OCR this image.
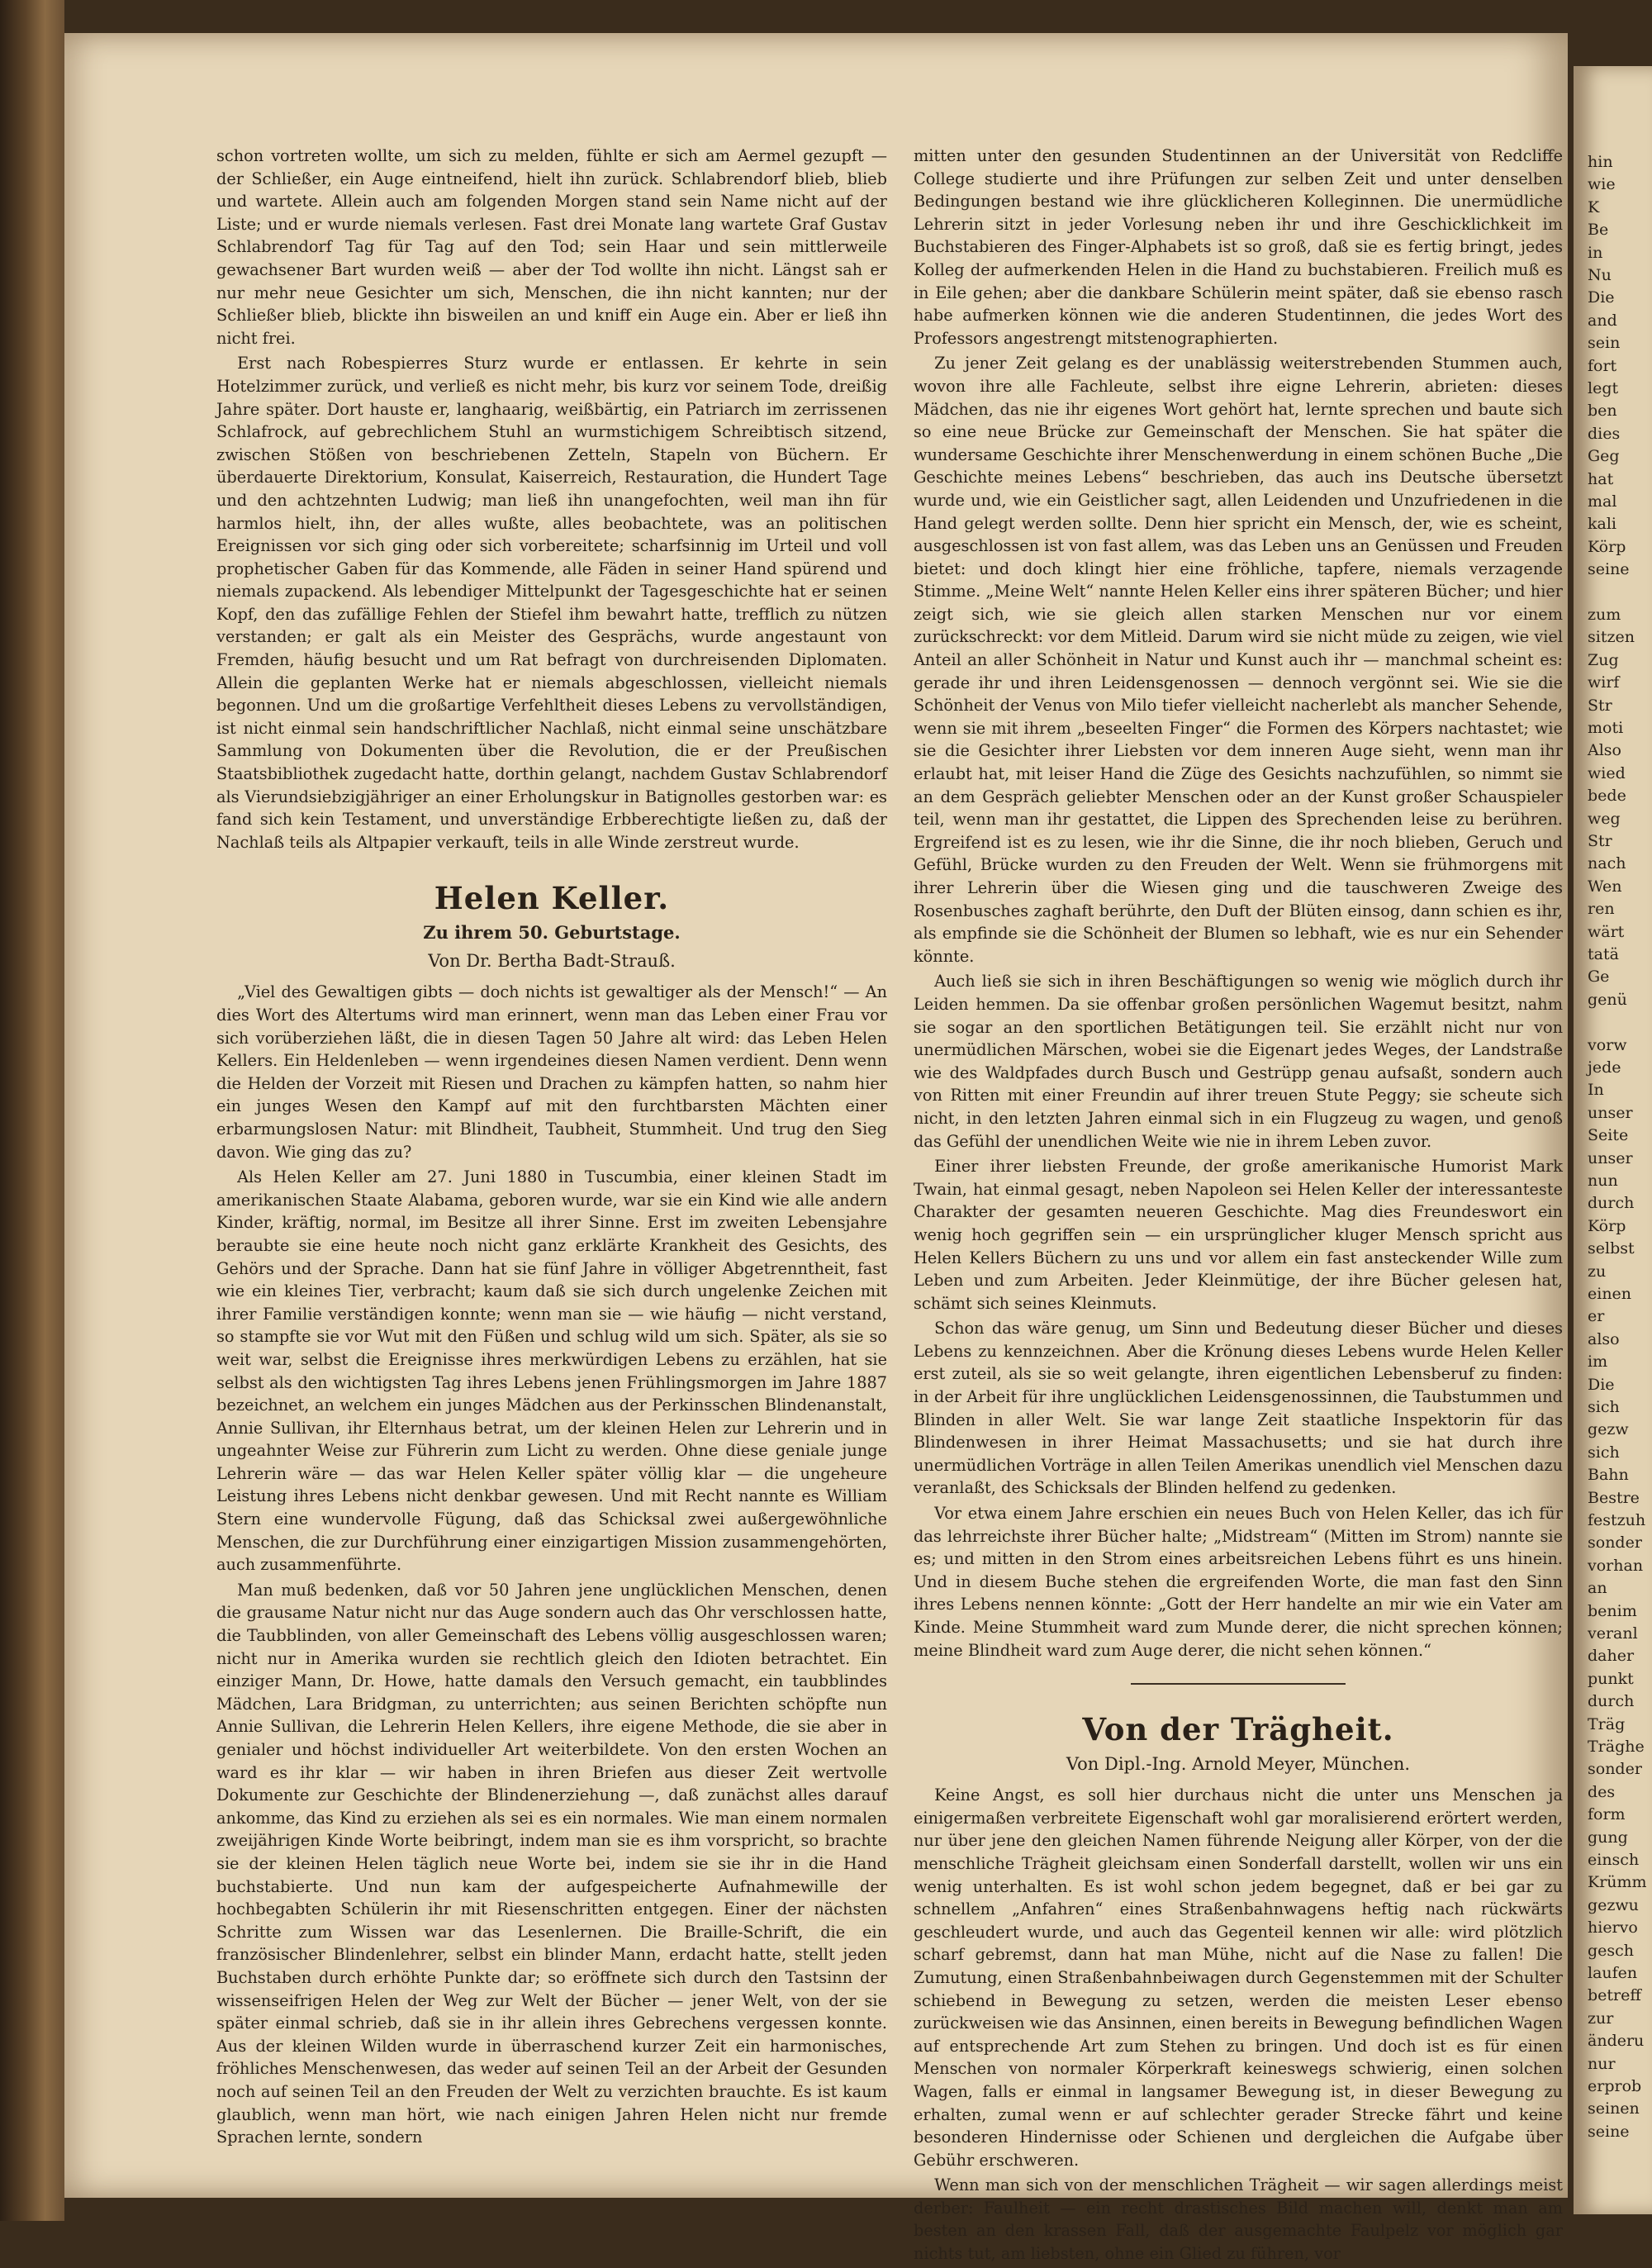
schon vortreten wollte, um sich zu melden, fühlte er sich am Aermel gezupft — der Schließer, ein Auge eintneifend, hielt ihn zurück. Schlabrendorf blieb, blieb und wartete. Allein auch am folgenden Morgen stand sein Name nicht auf der Liste; und er wurde niemals verlesen. Fast drei Monate lang wartete Graf Gustav Schlabrendorf Tag für Tag auf den Tod; sein Haar und sein mittlerweile gewachsener Bart wurden weiß — aber der Tod wollte ihn nicht. Längst sah er nur mehr neue Gesichter um sich, Menschen, die ihn nicht kannten; nur der Schließer blieb, blickte ihn bisweilen an und kniff ein Auge ein. Aber er ließ ihn nicht frei.

Erst nach Robespierres Sturz wurde er entlassen. Er kehrte in sein Hotelzimmer zurück, und verließ es nicht mehr, bis kurz vor seinem Tode, dreißig Jahre später. Dort hauste er, langhaarig, weißbärtig, ein Patriarch im zerrissenen Schlafrock, auf gebrechlichem Stuhl an wurmstichigem Schreibtisch sitzend, zwischen Stößen von beschriebenen Zetteln, Stapeln von Büchern. Er überdauerte Direktorium, Konsulat, Kaiserreich, Restauration, die Hundert Tage und den achtzehnten Ludwig; man ließ ihn unangefochten, weil man ihn für harmlos hielt, ihn, der alles wußte, alles beobachtete, was an politischen Ereignissen vor sich ging oder sich vorbereitete; scharfsinnig im Urteil und voll prophetischer Gaben für das Kommende, alle Fäden in seiner Hand spürend und niemals zupackend. Als lebendiger Mittelpunkt der Tagesgeschichte hat er seinen Kopf, den das zufällige Fehlen der Stiefel ihm bewahrt hatte, trefflich zu nützen verstanden; er galt als ein Meister des Gesprächs, wurde angestaunt von Fremden, häufig besucht und um Rat befragt von durchreisenden Diplomaten. Allein die geplanten Werke hat er niemals abgeschlossen, vielleicht niemals begonnen. Und um die großartige Verfehltheit dieses Lebens zu vervollständigen, ist nicht einmal sein handschriftlicher Nachlaß, nicht einmal seine unschätzbare Sammlung von Dokumenten über die Revolution, die er der Preußischen Staatsbibliothek zugedacht hatte, dorthin gelangt, nachdem Gustav Schlabrendorf als Vierundsiebzigjähriger an einer Erholungskur in Batignolles gestorben war: es fand sich kein Testament, und unverständige Erbberechtigte ließen zu, daß der Nachlaß teils als Altpapier verkauft, teils in alle Winde zerstreut wurde.

Helen Keller.
Zu ihrem 50. Geburtstage.
Von Dr. Bertha Badt-Strauß.

„Viel des Gewaltigen gibts — doch nichts ist gewaltiger als der Mensch!“ — An dies Wort des Altertums wird man erinnert, wenn man das Leben einer Frau vor sich vorüberziehen läßt, die in diesen Tagen 50 Jahre alt wird: das Leben Helen Kellers. Ein Heldenleben — wenn irgendeines diesen Namen verdient. Denn wenn die Helden der Vorzeit mit Riesen und Drachen zu kämpfen hatten, so nahm hier ein junges Wesen den Kampf auf mit den furchtbarsten Mächten einer erbarmungslosen Natur: mit Blindheit, Taubheit, Stummheit. Und trug den Sieg davon. Wie ging das zu?

Als Helen Keller am 27. Juni 1880 in Tuscumbia, einer kleinen Stadt im amerikanischen Staate Alabama, geboren wurde, war sie ein Kind wie alle andern Kinder, kräftig, normal, im Besitze all ihrer Sinne. Erst im zweiten Lebensjahre beraubte sie eine heute noch nicht ganz erklärte Krankheit des Gesichts, des Gehörs und der Sprache. Dann hat sie fünf Jahre in völliger Abgetrenntheit, fast wie ein kleines Tier, verbracht; kaum daß sie sich durch ungelenke Zeichen mit ihrer Familie verständigen konnte; wenn man sie — wie häufig — nicht verstand, so stampfte sie vor Wut mit den Füßen und schlug wild um sich. Später, als sie so weit war, selbst die Ereignisse ihres merkwürdigen Lebens zu erzählen, hat sie selbst als den wichtigsten Tag ihres Lebens jenen Frühlingsmorgen im Jahre 1887 bezeichnet, an welchem ein junges Mädchen aus der Perkinsschen Blindenanstalt, Annie Sullivan, ihr Elternhaus betrat, um der kleinen Helen zur Lehrerin und in ungeahnter Weise zur Führerin zum Licht zu werden. Ohne diese geniale junge Lehrerin wäre — das war Helen Keller später völlig klar — die ungeheure Leistung ihres Lebens nicht denkbar gewesen. Und mit Recht nannte es William Stern eine wundervolle Fügung, daß das Schicksal zwei außergewöhnliche Menschen, die zur Durchführung einer einzigartigen Mission zusammengehörten, auch zusammenführte.

Man muß bedenken, daß vor 50 Jahren jene unglücklichen Menschen, denen die grausame Natur nicht nur das Auge sondern auch das Ohr verschlossen hatte, die Taubblinden, von aller Gemeinschaft des Lebens völlig ausgeschlossen waren; nicht nur in Amerika wurden sie rechtlich gleich den Idioten betrachtet. Ein einziger Mann, Dr. Howe, hatte damals den Versuch gemacht, ein taubblindes Mädchen, Lara Bridgman, zu unterrichten; aus seinen Berichten schöpfte nun Annie Sullivan, die Lehrerin Helen Kellers, ihre eigene Methode, die sie aber in genialer und höchst individueller Art weiterbildete. Von den ersten Wochen an ward es ihr klar — wir haben in ihren Briefen aus dieser Zeit wertvolle Dokumente zur Geschichte der Blindenerziehung —, daß zunächst alles darauf ankomme, das Kind zu erziehen als sei es ein normales. Wie man einem normalen zweijährigen Kinde Worte beibringt, indem man sie es ihm vorspricht, so brachte sie der kleinen Helen täglich neue Worte bei, indem sie sie ihr in die Hand buchstabierte. Und nun kam der aufgespeicherte Aufnahmewille der hochbegabten Schülerin ihr mit Riesenschritten entgegen. Einer der nächsten Schritte zum Wissen war das Lesenlernen. Die Braille-Schrift, die ein französischer Blindenlehrer, selbst ein blinder Mann, erdacht hatte, stellt jeden Buchstaben durch erhöhte Punkte dar; so eröffnete sich durch den Tastsinn der wissenseifrigen Helen der Weg zur Welt der Bücher — jener Welt, von der sie später einmal schrieb, daß sie in ihr allein ihres Gebrechens vergessen konnte. Aus der kleinen Wilden wurde in überraschend kurzer Zeit ein harmonisches, fröhliches Menschenwesen, das weder auf seinen Teil an der Arbeit der Gesunden noch auf seinen Teil an den Freuden der Welt zu verzichten brauchte. Es ist kaum glaublich, wenn man hört, wie nach einigen Jahren Helen nicht nur fremde Sprachen lernte, sondern

mitten unter den gesunden Studentinnen an der Universität von Redcliffe College studierte und ihre Prüfungen zur selben Zeit und unter denselben Bedingungen bestand wie ihre glücklicheren Kolleginnen. Die unermüdliche Lehrerin sitzt in jeder Vorlesung neben ihr und ihre Geschicklichkeit im Buchstabieren des Finger-Alphabets ist so groß, daß sie es fertig bringt, jedes Kolleg der aufmerkenden Helen in die Hand zu buchstabieren. Freilich muß es in Eile gehen; aber die dankbare Schülerin meint später, daß sie ebenso rasch habe aufmerken können wie die anderen Studentinnen, die jedes Wort des Professors angestrengt mitstenographierten.

Zu jener Zeit gelang es der unablässig weiterstrebenden Stummen auch, wovon ihre alle Fachleute, selbst ihre eigne Lehrerin, abrieten: dieses Mädchen, das nie ihr eigenes Wort gehört hat, lernte sprechen und baute sich so eine neue Brücke zur Gemeinschaft der Menschen. Sie hat später die wundersame Geschichte ihrer Menschenwerdung in einem schönen Buche „Die Geschichte meines Lebens“ beschrieben, das auch ins Deutsche übersetzt wurde und, wie ein Geistlicher sagt, allen Leidenden und Unzufriedenen in die Hand gelegt werden sollte. Denn hier spricht ein Mensch, der, wie es scheint, ausgeschlossen ist von fast allem, was das Leben uns an Genüssen und Freuden bietet: und doch klingt hier eine fröhliche, tapfere, niemals verzagende Stimme. „Meine Welt“ nannte Helen Keller eins ihrer späteren Bücher; und hier zeigt sich, wie sie gleich allen starken Menschen nur vor einem zurückschreckt: vor dem Mitleid. Darum wird sie nicht müde zu zeigen, wie viel Anteil an aller Schönheit in Natur und Kunst auch ihr — manchmal scheint es: gerade ihr und ihren Leidensgenossen — dennoch vergönnt sei. Wie sie die Schönheit der Venus von Milo tiefer vielleicht nacherlebt als mancher Sehende, wenn sie mit ihrem „beseelten Finger“ die Formen des Körpers nachtastet; wie sie die Gesichter ihrer Liebsten vor dem inneren Auge sieht, wenn man ihr erlaubt hat, mit leiser Hand die Züge des Gesichts nachzufühlen, so nimmt sie an dem Gespräch geliebter Menschen oder an der Kunst großer Schauspieler teil, wenn man ihr gestattet, die Lippen des Sprechenden leise zu berühren. Ergreifend ist es zu lesen, wie ihr die Sinne, die ihr noch blieben, Geruch und Gefühl, Brücke wurden zu den Freuden der Welt. Wenn sie frühmorgens mit ihrer Lehrerin über die Wiesen ging und die tauschweren Zweige des Rosenbusches zaghaft berührte, den Duft der Blüten einsog, dann schien es ihr, als empfinde sie die Schönheit der Blumen so lebhaft, wie es nur ein Sehender könnte.

Auch ließ sie sich in ihren Beschäftigungen so wenig wie möglich durch ihr Leiden hemmen. Da sie offenbar großen persönlichen Wagemut besitzt, nahm sie sogar an den sportlichen Betätigungen teil. Sie erzählt nicht nur von unermüdlichen Märschen, wobei sie die Eigenart jedes Weges, der Landstraße wie des Waldpfades durch Busch und Gestrüpp genau aufsaßt, sondern auch von Ritten mit einer Freundin auf ihrer treuen Stute Peggy; sie scheute sich nicht, in den letzten Jahren einmal sich in ein Flugzeug zu wagen, und genoß das Gefühl der unendlichen Weite wie nie in ihrem Leben zuvor.

Einer ihrer liebsten Freunde, der große amerikanische Humorist Mark Twain, hat einmal gesagt, neben Napoleon sei Helen Keller der interessanteste Charakter der gesamten neueren Geschichte. Mag dies Freundeswort ein wenig hoch gegriffen sein — ein ursprünglicher kluger Mensch spricht aus Helen Kellers Büchern zu uns und vor allem ein fast ansteckender Wille zum Leben und zum Arbeiten. Jeder Kleinmütige, der ihre Bücher gelesen hat, schämt sich seines Kleinmuts.

Schon das wäre genug, um Sinn und Bedeutung dieser Bücher und dieses Lebens zu kennzeichnen. Aber die Krönung dieses Lebens wurde Helen Keller erst zuteil, als sie so weit gelangte, ihren eigentlichen Lebensberuf zu finden: in der Arbeit für ihre unglücklichen Leidensgenossinnen, die Taubstummen und Blinden in aller Welt. Sie war lange Zeit staatliche Inspektorin für das Blindenwesen in ihrer Heimat Massachusetts; und sie hat durch ihre unermüdlichen Vorträge in allen Teilen Amerikas unendlich viel Menschen dazu veranlaßt, des Schicksals der Blinden helfend zu gedenken.

Vor etwa einem Jahre erschien ein neues Buch von Helen Keller, das ich für das lehrreichste ihrer Bücher halte; „Midstream“ (Mitten im Strom) nannte sie es; und mitten in den Strom eines arbeitsreichen Lebens führt es uns hinein. Und in diesem Buche stehen die ergreifenden Worte, die man fast den Sinn ihres Lebens nennen könnte: „Gott der Herr handelte an mir wie ein Vater am Kinde. Meine Stummheit ward zum Munde derer, die nicht sprechen können; meine Blindheit ward zum Auge derer, die nicht sehen können.“

Von der Trägheit.
Von Dipl.-Ing. Arnold Meyer, München.

Keine Angst, es soll hier durchaus nicht die unter uns Menschen ja einigermaßen verbreitete Eigenschaft wohl gar moralisierend erörtert werden, nur über jene den gleichen Namen führende Neigung aller Körper, von der die menschliche Trägheit gleichsam einen Sonderfall darstellt, wollen wir uns ein wenig unterhalten. Es ist wohl schon jedem begegnet, daß er bei gar zu schnellem „Anfahren“ eines Straßenbahnwagens heftig nach rückwärts geschleudert wurde, und auch das Gegenteil kennen wir alle: wird plötzlich scharf gebremst, dann hat man Mühe, nicht auf die Nase zu fallen! Die Zumutung, einen Straßenbahnbeiwagen durch Gegenstemmen mit der Schulter schiebend in Bewegung zu setzen, werden die meisten Leser ebenso zurückweisen wie das Ansinnen, einen bereits in Bewegung befindlichen Wagen auf entsprechende Art zum Stehen zu bringen. Und doch ist es für einen Menschen von normaler Körperkraft keineswegs schwierig, einen solchen Wagen, falls er einmal in langsamer Bewegung ist, in dieser Bewegung zu erhalten, zumal wenn er auf schlechter gerader Strecke fährt und keine besonderen Hindernisse oder Schienen und dergleichen die Aufgabe über Gebühr erschweren.

Wenn man sich von der menschlichen Trägheit — wir sagen allerdings meist derber: Faulheit — ein recht drastisches Bild machen will, denkt man am besten an den krassen Fall, daß der ausgemachte Faulpelz vor möglich gar nichts tut, am liebsten, ohne ein Glied zu führen, vor

hin
wie
K
Be
in
Nu
Die
and
sein
fort
legt
ben
dies
Geg
hat
mal
kali
Körp
seine
zum
sitzen
Zug
wirf
Str
moti
Also
wied
bede
weg
Str
nach
Wen
ren
wärt
tatä
Ge
genü
vorw
jede
In
unser
Seite
unser
nun
durch
Körp
selbst
zu
einen
er
also
im
Die
sich
gezw
sich
Bahn
Bestre
festzuh
sonder
vorhan
an
benim
veranl
daher
punkt
durch
Träg
Träghe
sonder
des
form
gung
einsch
Krümm
gezwu
hiervo
gesch
laufen
betreff
zur
änderu
nur
erprob
seinen
seine
